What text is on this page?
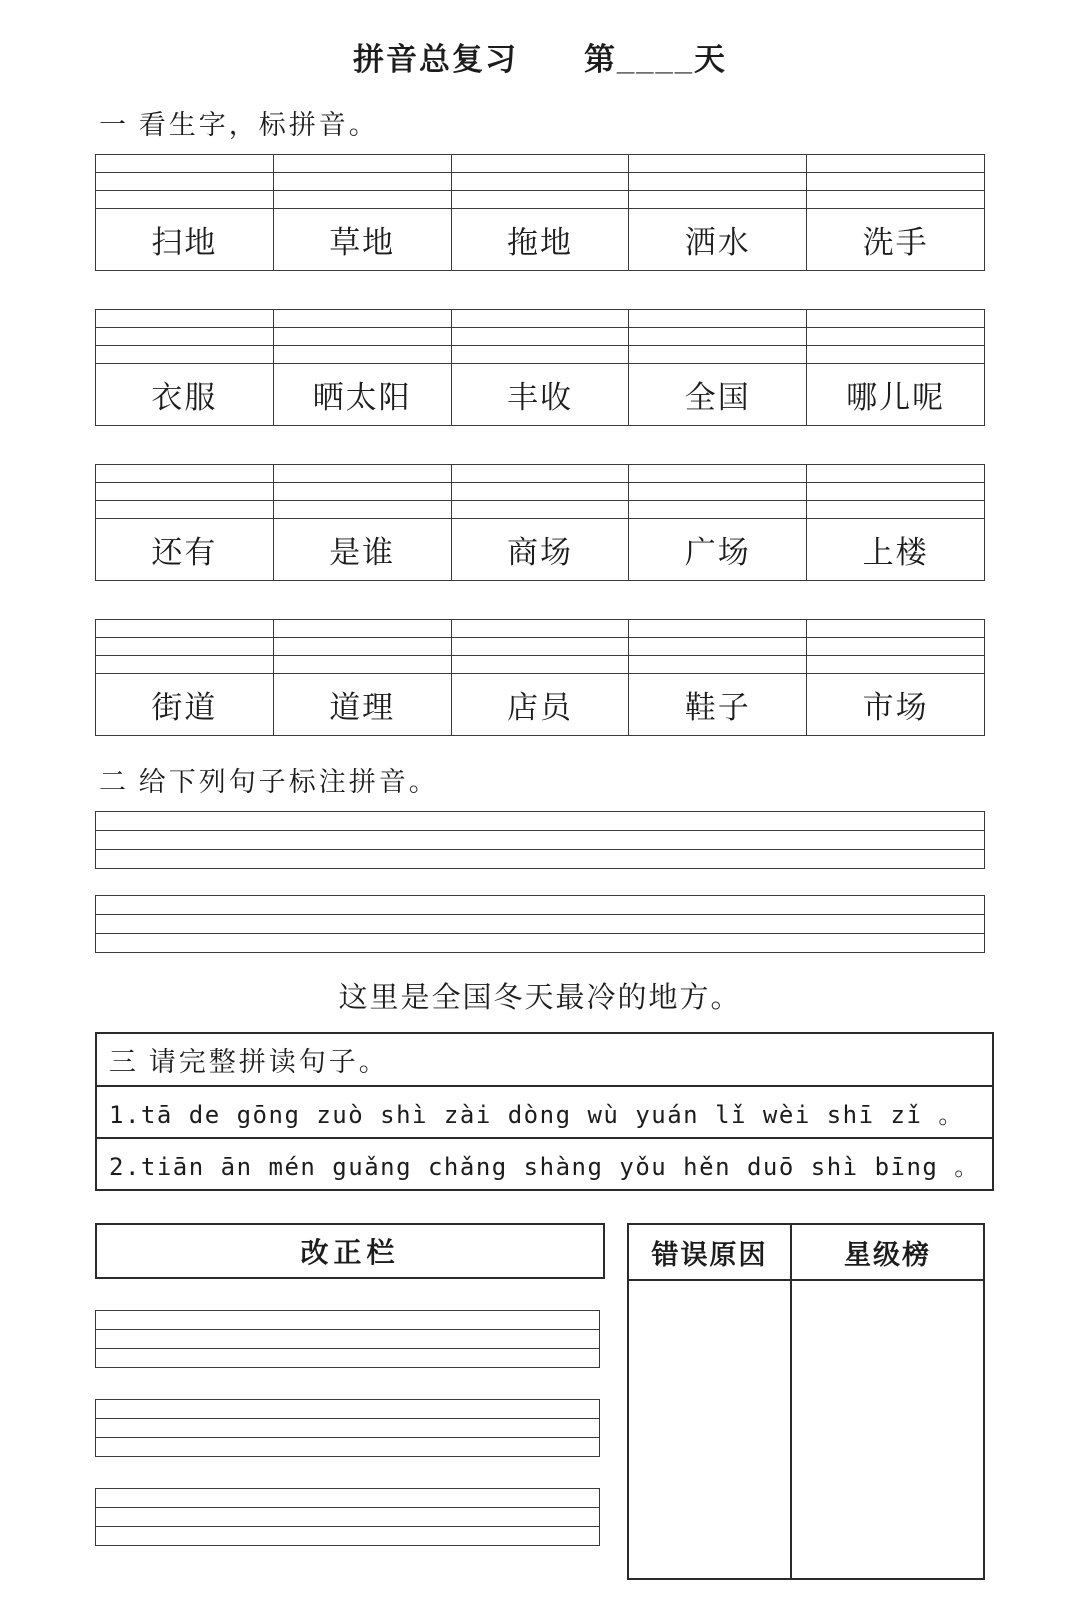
拼音总复习　　第____天
一 看生字，标拼音。

扫地	草地	拖地	洒水	洗手

衣服	晒太阳	丰收	全国	哪儿呢

还有	是谁	商场	广场	上楼

街道	道理	店员	鞋子	市场
二 给下列句子标注拼音。

这里是全国冬天最冷的地方。
三 请完整拼读句子。
1.tā de gōng zuò shì zài dòng wù yuán lǐ wèi shī zǐ 。
2.tiān ān mén guǎng chǎng shàng yǒu hěn duō shì bīng 。
改正栏	错误原因	星级榜
